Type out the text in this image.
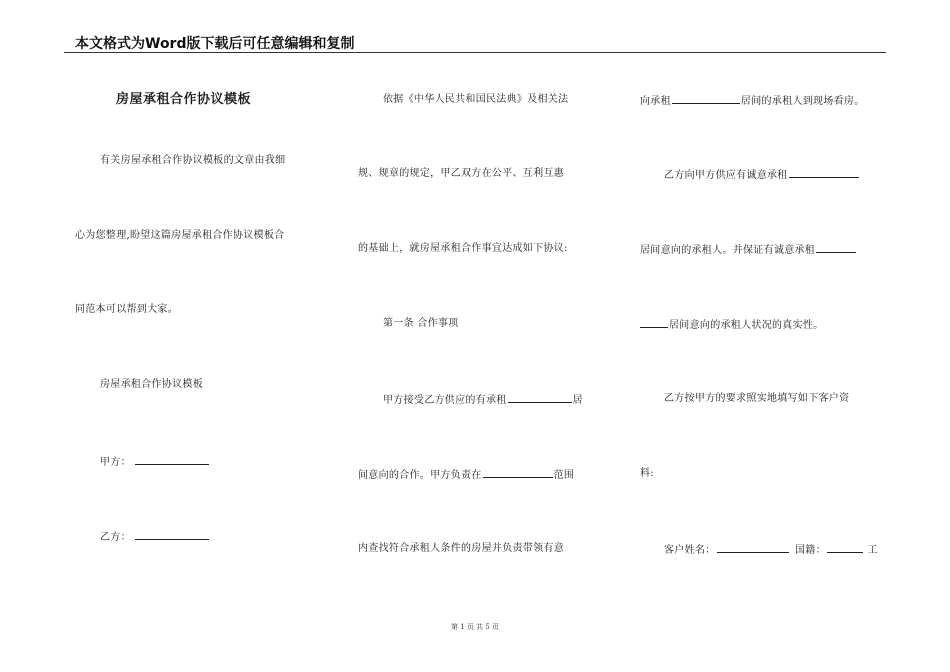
本文格式为Word版下载后可任意编辑和复制
房屋承租合作协议模板
有关房屋承租合作协议模板的文章由我细
心为您整理,盼望这篇房屋承租合作协议模板合
同范本可以帮到大家。
房屋承租合作协议模板
甲方：
乙方：
依据《中华人民共和国民法典》及相关法
规、规章的规定，甲乙双方在公平、互利互惠
的基础上，就房屋承租合作事宜达成如下协议:
第一条 合作事项
甲方接受乙方供应的有承租	居
间意向的合作。甲方负责在	范围
内查找符合承租人条件的房屋并负责带领有意
向承租	居间的承租人到现场看房。
乙方向甲方供应有诚意承租
居间意向的承租人。并保证有诚意承租
居间意向的承租人状况的真实性。
乙方按甲方的要求照实地填写如下客户资
料:
客户姓名：	国籍：	工
第 1 页 共 5 页
